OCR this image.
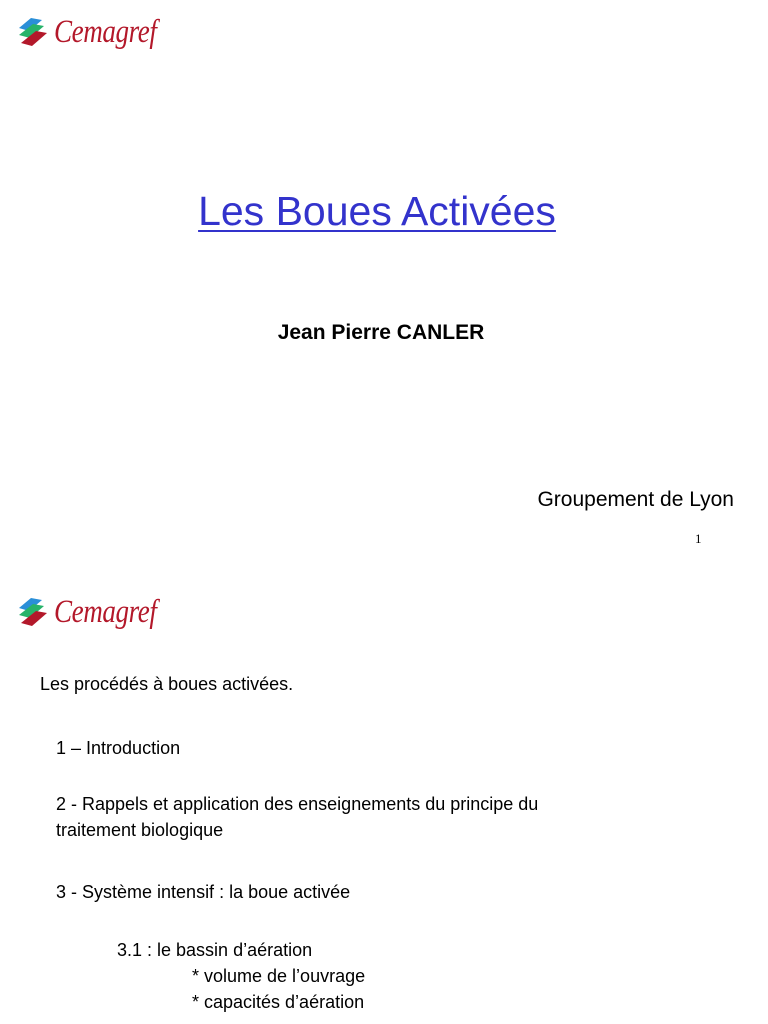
Cemagref
Les Boues Activées
Jean Pierre CANLER
Groupement de Lyon
1
Cemagref
Les procédés à boues activées.
1 – Introduction
2 - Rappels et application des enseignements du principe du
traitement biologique
3 - Système intensif : la boue activée
3.1 : le bassin d’aération
* volume de l’ouvrage
* capacités d’aération
